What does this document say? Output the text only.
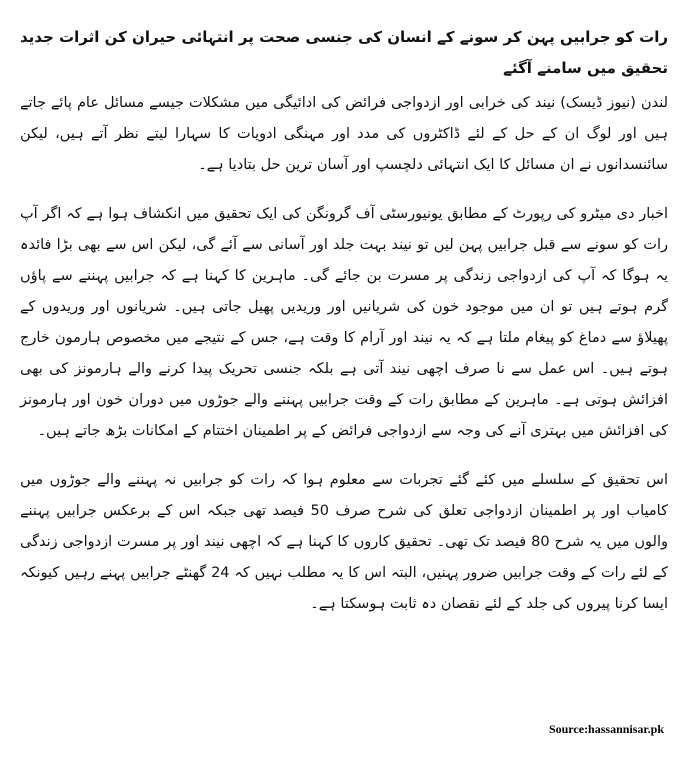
رات کو جرابیں پہن کر سونے کے انسان کی جنسی صحت پر انتہائی حیران کن اثرات جدید تحقیق میں سامنے آگئے

لندن (نیوز ڈیسک) نیند کی خرابی اور ازدواجی فرائض کی ادائیگی میں مشکلات جیسے مسائل عام پائے جاتے ہیں اور لوگ ان کے حل کے لئے ڈاکٹروں کی مدد اور مہنگی ادویات کا سہارا لیتے نظر آتے ہیں، لیکن سائنسدانوں نے ان مسائل کا ایک انتہائی دلچسپ اور آسان ترین حل بتادیا ہے۔

اخبار دی میٹرو کی رپورٹ کے مطابق یونیورسٹی آف گرونگن کی ایک تحقیق میں انکشاف ہوا ہے کہ اگر آپ رات کو سونے سے قبل جرابیں پہن لیں تو نیند بہت جلد اور آسانی سے آئے گی، لیکن اس سے بھی بڑا فائدہ یہ ہوگا کہ آپ کی ازدواجی زندگی پر مسرت بن جائے گی۔ ماہرین کا کہنا ہے کہ جرابیں پہننے سے پاﺅں گرم ہوتے ہیں تو ان میں موجود خون کی شریانیں اور وریدیں پھیل جاتی ہیں۔ شریانوں اور وریدوں کے پھیلاﺅ سے دماغ کو پیغام ملتا ہے کہ یہ نیند اور آرام کا وقت ہے، جس کے نتیجے میں مخصوص ہارمون خارج ہوتے ہیں۔ اس عمل سے نا صرف اچھی نیند آتی ہے بلکہ جنسی تحریک پیدا کرنے والے ہارمونز کی بھی افزائش ہوتی ہے۔ ماہرین کے مطابق رات کے وقت جرابیں پہننے والے جوڑوں میں دوران خون اور ہارمونز کی افزائش میں بہتری آنے کی وجہ سے ازدواجی فرائض کے پر اطمینان اختتام کے امکانات بڑھ جاتے ہیں۔

اس تحقیق کے سلسلے میں کئے گئے تجربات سے معلوم ہوا کہ رات کو جرابیں نہ پہننے والے جوڑوں میں کامیاب اور پر اطمینان ازدواجی تعلق کی شرح صرف 50 فیصد تھی جبکہ اس کے برعکس جرابیں پہننے والوں میں یہ شرح 80 فیصد تک تھی۔ تحقیق کاروں کا کہنا ہے کہ اچھی نیند اور پر مسرت ازدواجی زندگی کے لئے رات کے وقت جرابیں ضرور پہنیں، البتہ اس کا یہ مطلب نہیں کہ 24 گھنٹے جرابیں پہنے رہیں کیونکہ ایسا کرنا پیروں کی جلد کے لئے نقصان دہ ثابت ہوسکتا ہے۔

Source:hassannisar.pk
